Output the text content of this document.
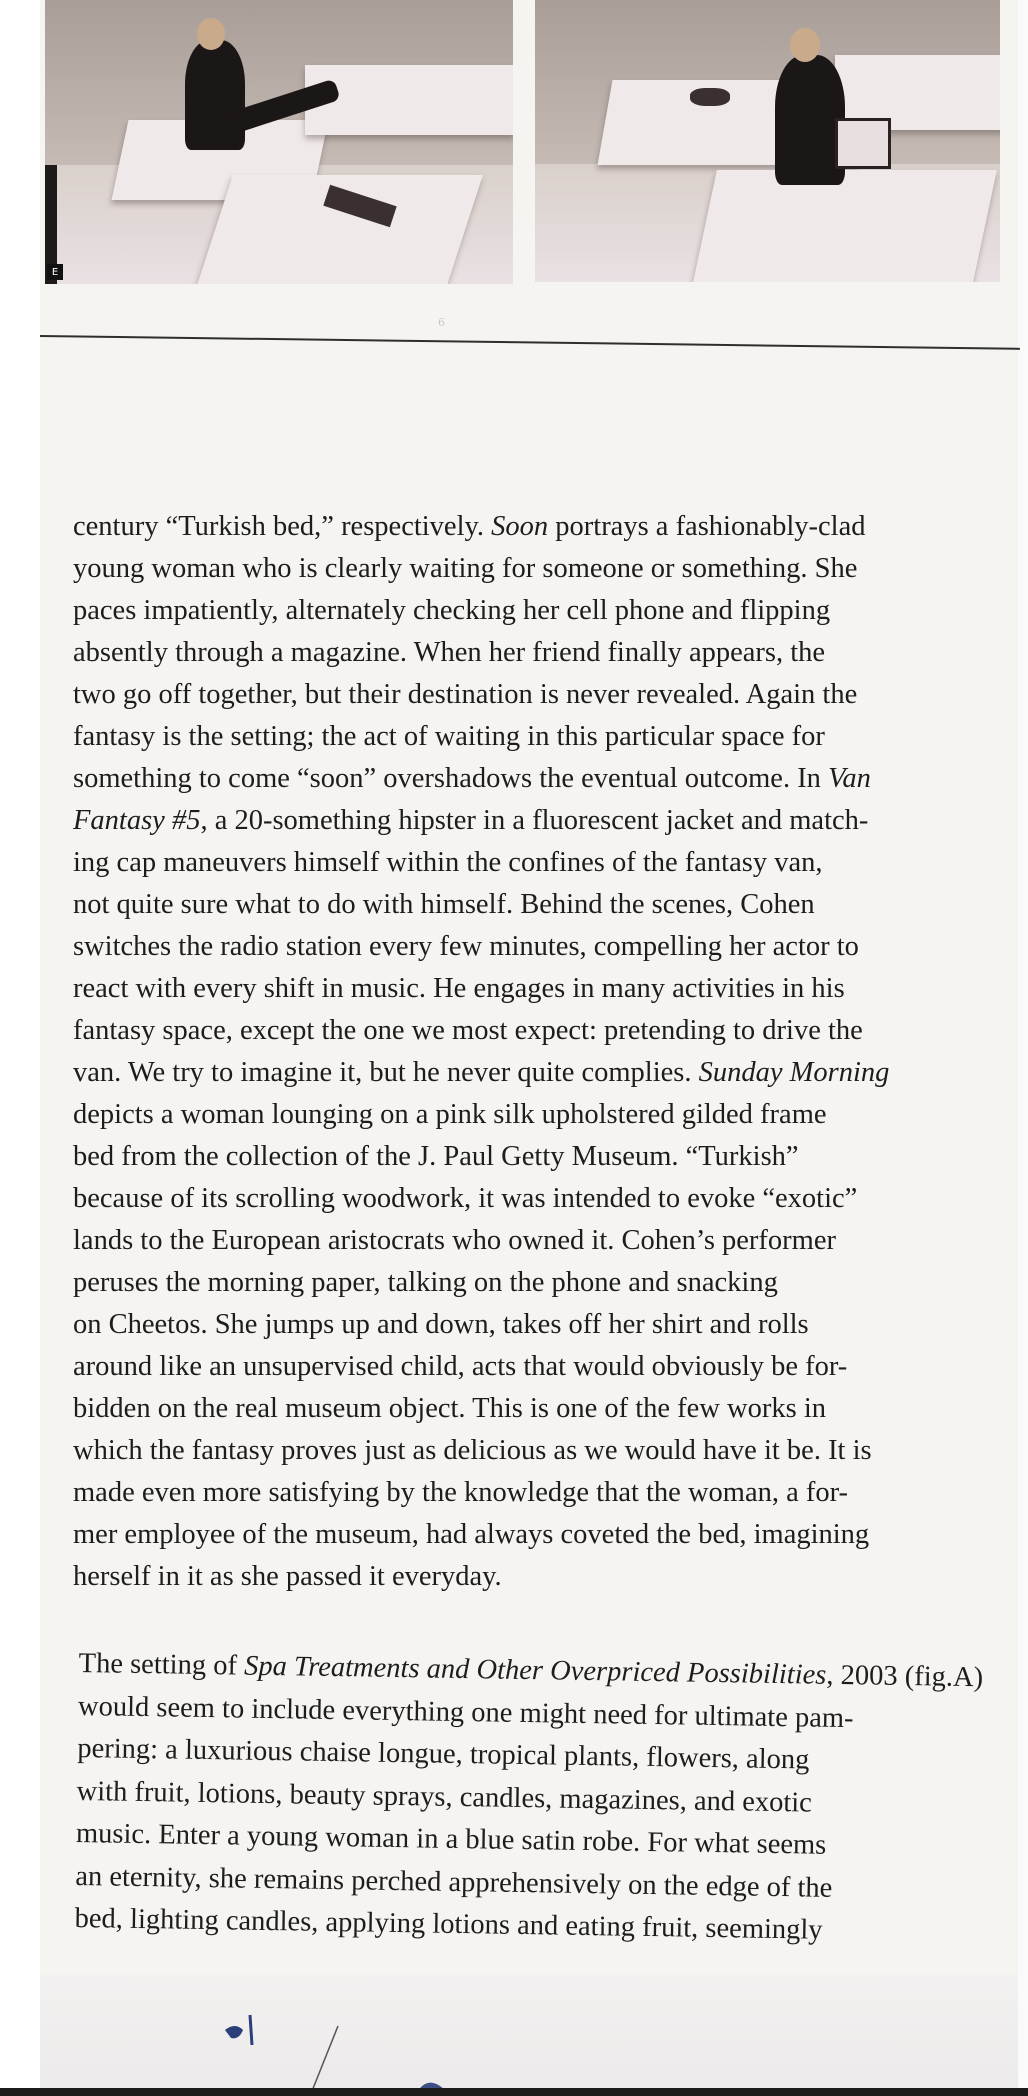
E
6
century “Turkish bed,” respectively. Soon portrays a fashionably-clad
young woman who is clearly waiting for someone or something. She
paces impatiently, alternately checking her cell phone and flipping
absently through a magazine. When her friend finally appears, the
two go off together, but their destination is never revealed. Again the
fantasy is the setting; the act of waiting in this particular space for
something to come “soon” overshadows the eventual outcome. In Van
Fantasy #5, a 20-something hipster in a fluorescent jacket and match-
ing cap maneuvers himself within the confines of the fantasy van,
not quite sure what to do with himself. Behind the scenes, Cohen
switches the radio station every few minutes, compelling her actor to
react with every shift in music. He engages in many activities in his
fantasy space, except the one we most expect: pretending to drive the
van. We try to imagine it, but he never quite complies. Sunday Morning
depicts a woman lounging on a pink silk upholstered gilded frame
bed from the collection of the J. Paul Getty Museum. “Turkish”
because of its scrolling woodwork, it was intended to evoke “exotic”
lands to the European aristocrats who owned it. Cohen’s performer
peruses the morning paper, talking on the phone and snacking
on Cheetos. She jumps up and down, takes off her shirt and rolls
around like an unsupervised child, acts that would obviously be for-
bidden on the real museum object. This is one of the few works in
which the fantasy proves just as delicious as we would have it be. It is
made even more satisfying by the knowledge that the woman, a for-
mer employee of the museum, had always coveted the bed, imagining
herself in it as she passed it everyday.
The setting of Spa Treatments and Other Overpriced Possibilities, 2003 (fig.A)
would seem to include everything one might need for ultimate pam-
pering: a luxurious chaise longue, tropical plants, flowers, along
with fruit, lotions, beauty sprays, candles, magazines, and exotic
music. Enter a young woman in a blue satin robe. For what seems
an eternity, she remains perched apprehensively on the edge of the
bed, lighting candles, applying lotions and eating fruit, seemingly
